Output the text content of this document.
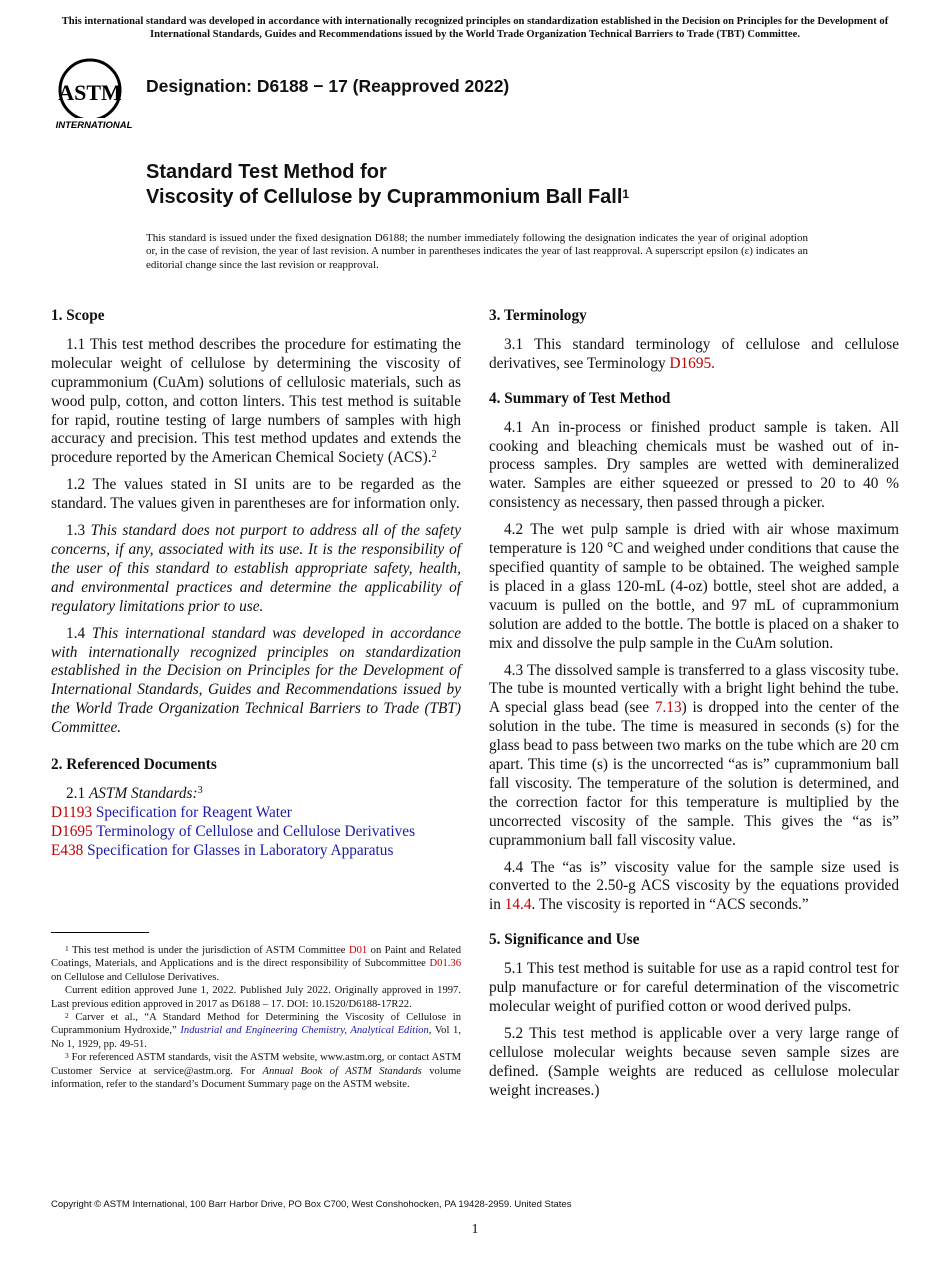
This international standard was developed in accordance with internationally recognized principles on standardization established in the Decision on Principles for the Development of International Standards, Guides and Recommendations issued by the World Trade Organization Technical Barriers to Trade (TBT) Committee.
ASTM
INTERNATIONAL
Designation: D6188 − 17 (Reapproved 2022)
Standard Test Method for
Viscosity of Cellulose by Cuprammonium Ball Fall$^1$
This standard is issued under the fixed designation D6188; the number immediately following the designation indicates the year of original adoption or, in the case of revision, the year of last revision. A number in parentheses indicates the year of last reapproval. A superscript epsilon (ε) indicates an editorial change since the last revision or reapproval.
1. Scope

1.1 This test method describes the procedure for estimating the molecular weight of cellulose by determining the viscosity of cuprammonium (CuAm) solutions of cellulosic materials, such as wood pulp, cotton, and cotton linters. This test method is suitable for rapid, routine testing of large numbers of samples with high accuracy and precision. This test method updates and extends the procedure reported by the American Chemical Society (ACS).$^2$

1.2 The values stated in SI units are to be regarded as the standard. The values given in parentheses are for information only.

1.3 This standard does not purport to address all of the safety concerns, if any, associated with its use. It is the responsibility of the user of this standard to establish appropriate safety, health, and environmental practices and determine the applicability of regulatory limitations prior to use.

1.4 This international standard was developed in accordance with internationally recognized principles on standardization established in the Decision on Principles for the Development of International Standards, Guides and Recommendations issued by the World Trade Organization Technical Barriers to Trade (TBT) Committee.

2. Referenced Documents

2.1 ASTM Standards:$^3$

D1193 Specification for Reagent Water

D1695 Terminology of Cellulose and Cellulose Derivatives

E438 Specification for Glasses in Laboratory Apparatus

3. Terminology

3.1 This standard terminology of cellulose and cellulose derivatives, see Terminology D1695.

4. Summary of Test Method

4.1 An in-process or finished product sample is taken. All cooking and bleaching chemicals must be washed out of in-process samples. Dry samples are wetted with demineralized water. Samples are either squeezed or pressed to 20 to 40 % consistency as necessary, then passed through a picker.

4.2 The wet pulp sample is dried with air whose maximum temperature is 120 °C and weighed under conditions that cause the specified quantity of sample to be obtained. The weighed sample is placed in a glass 120-mL (4-oz) bottle, steel shot are added, a vacuum is pulled on the bottle, and 97 mL of cuprammonium solution are added to the bottle. The bottle is placed on a shaker to mix and dissolve the pulp sample in the CuAm solution.

4.3 The dissolved sample is transferred to a glass viscosity tube. The tube is mounted vertically with a bright light behind the tube. A special glass bead (see 7.13) is dropped into the center of the solution in the tube. The time is measured in seconds (s) for the glass bead to pass between two marks on the tube which are 20 cm apart. This time (s) is the uncorrected “as is” cuprammonium ball fall viscosity. The temperature of the solution is determined, and the correction factor for this temperature is multiplied by the uncorrected viscosity of the sample. This gives the “as is” cuprammonium ball fall viscosity value.

4.4 The “as is” viscosity value for the sample size used is converted to the 2.50-g ACS viscosity by the equations provided in 14.4. The viscosity is reported in “ACS seconds.”

5. Significance and Use

5.1 This test method is suitable for use as a rapid control test for pulp manufacture or for careful determination of the viscometric molecular weight of purified cotton or wood derived pulps.

5.2 This test method is applicable over a very large range of cellulose molecular weights because seven sample sizes are defined. (Sample weights are reduced as cellulose molecular weight increases.)

$^1$ This test method is under the jurisdiction of ASTM Committee D01 on Paint and Related Coatings, Materials, and Applications and is the direct responsibility of Subcommittee D01.36 on Cellulose and Cellulose Derivatives.

Current edition approved June 1, 2022. Published July 2022. Originally approved in 1997. Last previous edition approved in 2017 as D6188 – 17. DOI: 10.1520/D6188-17R22.

$^2$ Carver et al., “A Standard Method for Determining the Viscosity of Cellulose in Cuprammonium Hydroxide,” Industrial and Engineering Chemistry, Analytical Edition, Vol 1, No 1, 1929, pp. 49-51.

$^3$ For referenced ASTM standards, visit the ASTM website, www.astm.org, or contact ASTM Customer Service at service@astm.org. For Annual Book of ASTM Standards volume information, refer to the standard’s Document Summary page on the ASTM website.

Copyright © ASTM International, 100 Barr Harbor Drive, PO Box C700, West Conshohocken, PA 19428-2959. United States
1
